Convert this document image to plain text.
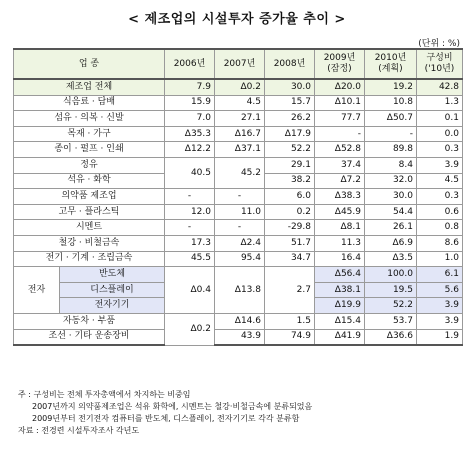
< 제조업의 시설투자 증가율 추이 >
(단위 : %)
업 종		2006년	2007년	2008년	2009년 (잠정)	2010년 (계획)	구성비 ('10년)
제조업 전체		7.9	Δ0.2	30.0	Δ20.0	19.2	42.8
식음료 · 담배		15.9	4.5	15.7	Δ10.1	10.8	1.3
섬유 · 의복 · 신발		7.0	27.1	26.2	77.7	Δ50.7	0.1
목재 · 가구		Δ35.3	Δ16.7	Δ17.9	-	-	0.0
종이 · 펄프 · 인쇄		Δ12.2	Δ37.1	52.2	Δ52.8	89.8	0.3
정유		40.5	45.2	29.1	37.4	8.4	3.9
석유 · 화학				38.2	Δ7.2	32.0	4.5
의약품 제조업		-	-	6.0	Δ38.3	30.0	0.3
고무 · 플라스틱		12.0	11.0	0.2	Δ45.9	54.4	0.6
시멘트		-	-	-29.8	Δ8.1	26.1	0.8
철강 · 비철금속		17.3	Δ2.4	51.7	11.3	Δ6.9	8.6
전기 · 기계 · 조립금속		45.5	95.4	34.7	16.4	Δ3.5	1.0
전자	반도체	Δ0.4	Δ13.8	2.7	Δ56.4	100.0	6.1
	디스플레이				Δ38.1	19.5	5.6
	전자기기				Δ19.9	52.2	3.9
자동차 · 부품		Δ0.2	Δ14.6	1.5	Δ15.4	53.7	3.9
조선 · 기타 운송장비			43.9	74.9	Δ41.9	Δ36.6	1.9
주 : 구성비는 전체 투자총액에서 차지하는 비중임
2007년까지 의약품제조업은 석유 화학에, 시멘트는 철강·비철금속에 분류되었음
2009년부터 전기전자 컴퓨터를 반도체, 디스플레이, 전자기기로 각각 분류함
자료 : 전경련 시설투자조사 각년도
